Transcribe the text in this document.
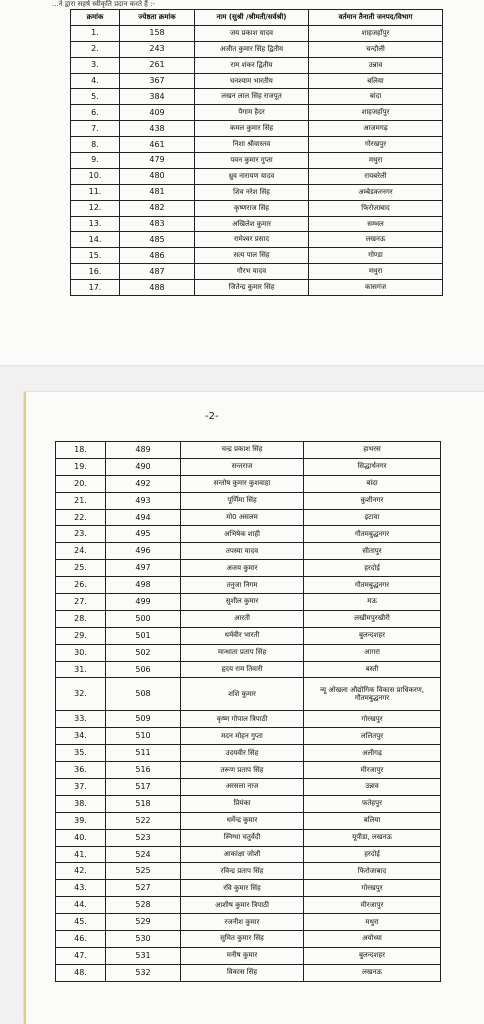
...ने द्वारा सहर्ष स्वीकृति प्रदान करते हैं :-
क्रमांक	ज्येष्ठता क्रमांक	नाम (सुश्री /श्रीमती/सर्वश्री)	वर्तमान तैनाती जनपद/विभाग
1.	158	जय प्रकाश यादव	शाहजहाँपुर
2.	243	अजीत कुमार सिंह द्वितीय	चन्दौली
3.	261	राम शंकर द्वितीय	उन्नाव
4.	367	घनश्याम भारतीय	बलिया
5.	384	लखन लाल सिंह राजपूत	बांदा
6.	409	पैगाम हैदर	शाहजहाँपुर
7.	438	कमल कुमार सिंह	आजमगढ़
8.	461	निशा श्रीवास्तव	गोरखपुर
9.	479	पवन कुमार गुप्ता	मथुरा
10.	480	ध्रुव नारायण यादव	रायबरेली
11.	481	शिव नरेश सिंह	अम्बेडकरनगर
12.	482	कृष्णराज सिंह	फिरोजाबाद
13.	483	अखिलेश कुमार	सम्भल
14.	485	रामेश्वर प्रसाद	लखनऊ
15.	486	सत्य पाल सिंह	गोण्डा
16.	487	गौरभ यादव	मथुरा
17.	488	जितेन्द्र कुमार सिंह	कासगंज
-2-
18.	489	चन्द्र प्रकाश सिंह	हाथरस
19.	490	सन्तराज	सिद्धार्थनगर
20.	492	सन्तोष कुमार कुशवाहा	बांदा
21.	493	पूर्णिमा सिंह	कुशीनगर
22.	494	मो0 असलम	इटावा
23.	495	अभिषेक शाही	गौतमबुद्धनगर
24.	496	तपस्या यादव	सीतापुर
25.	497	अजय कुमार	हरदोई
26.	498	तनुजा निगम	गौतमबुद्धनगर
27.	499	सुशील कुमार	मऊ
28.	500	आरती	लखीमपुरखीरी
29.	501	धर्मवीर भारती	बुलन्दशहर
30.	502	मान्धाता प्रताप सिंह	आगरा
31.	506	हृदय राम तिवारी	बस्ती
32.	508	शशि कुमार	न्यू ओखला औद्योगिक विकास प्राधिकरण, गौतमबुद्धनगर
33.	509	कृष्ण गोपाल त्रिपाठी	गोरखपुर
34.	510	मदन मोहन गुप्ता	ललितपुर
35.	511	उदयवीर सिंह	अलीगढ़
36.	516	तरूण प्रताप सिंह	मीरजापुर
37.	517	अरसला नाज	उन्नाव
38.	518	प्रियंका	फतेहपुर
39.	522	धर्मेन्द्र कुमार	बलिया
40.	523	स्निग्धा चतुर्वेदी	यूपीडा, लखनऊ
41.	524	आकांक्षा जोशी	हरदोई
42.	525	रविन्द्र प्रताप सिंह	फिरोजाबाद
43.	527	रवि कुमार सिंह	गोरखपुर
44.	528	आशीष कुमार त्रिपाठी	मीरजापुर
45.	529	रजनीश कुमार	मथुरा
46.	530	सुमित कुमार सिंह	अयोध्या
47.	531	मनीष कुमार	बुलन्दशहर
48.	532	विकास सिंह	लखनऊ
